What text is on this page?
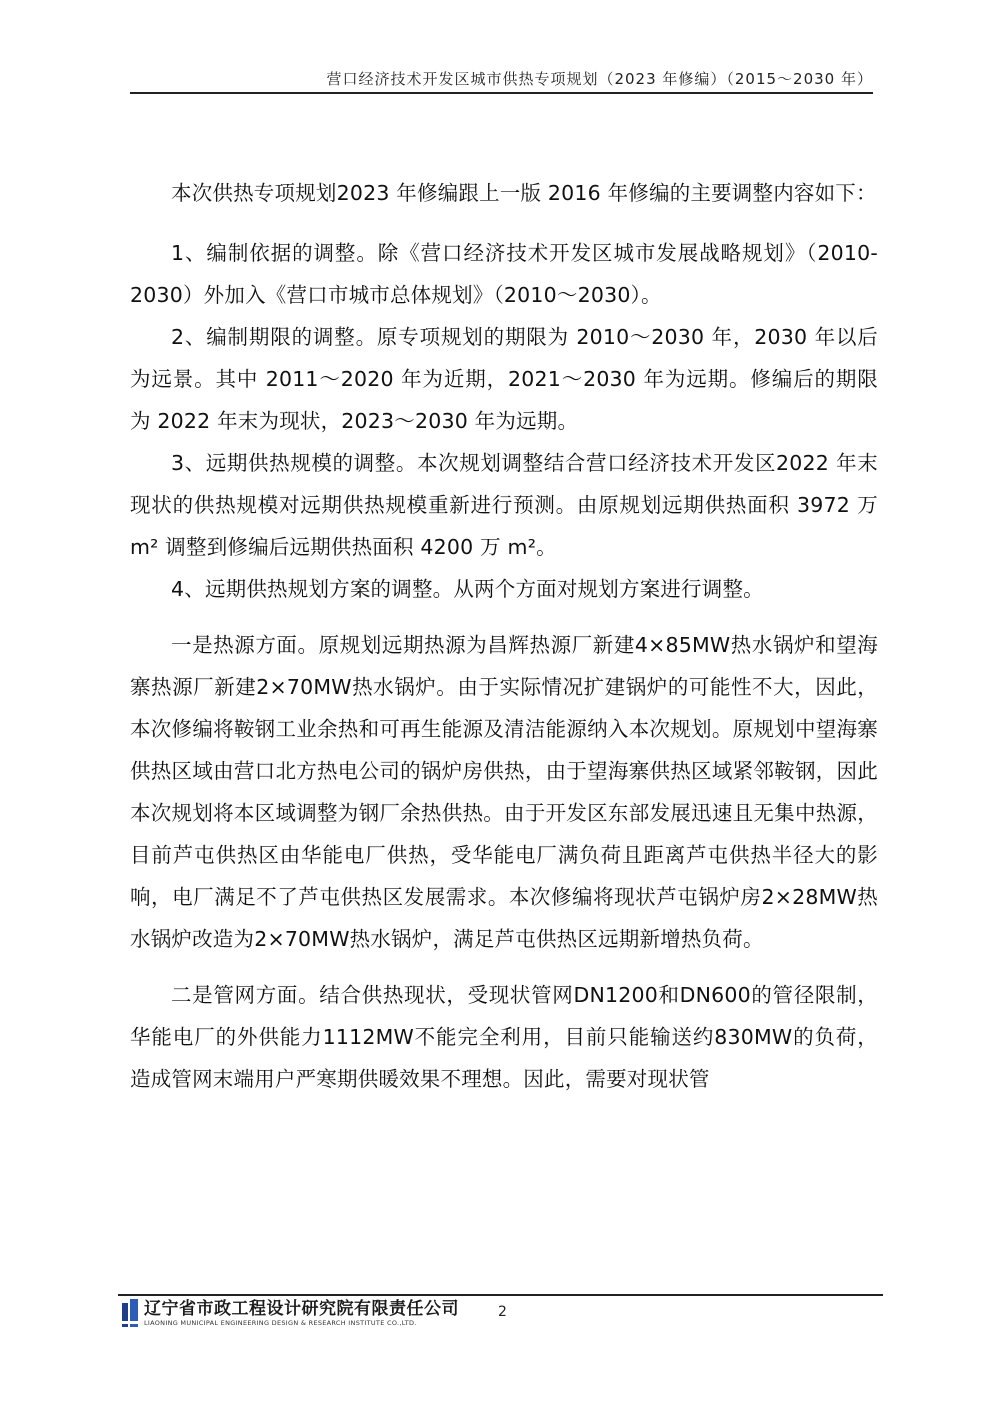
营口经济技术开发区城市供热专项规划（2023 年修编）（2015～2030 年）

本次供热专项规划2023 年修编跟上一版 2016 年修编的主要调整内容如下：

1、编制依据的调整。除《营口经济技术开发区城市发展战略规划》（2010-2030）外加入《营口市城市总体规划》（2010～2030）。

2、编制期限的调整。原专项规划的期限为 2010～2030 年，2030 年以后为远景。其中 2011～2020 年为近期，2021～2030 年为远期。修编后的期限为 2022 年末为现状，2023～2030 年为远期。

3、远期供热规模的调整。本次规划调整结合营口经济技术开发区2022 年末现状的供热规模对远期供热规模重新进行预测。由原规划远期供热面积 3972 万 m² 调整到修编后远期供热面积 4200 万 m²。

4、远期供热规划方案的调整。从两个方面对规划方案进行调整。

一是热源方面。原规划远期热源为昌辉热源厂新建4×85MW热水锅炉和望海寨热源厂新建2×70MW热水锅炉。由于实际情况扩建锅炉的可能性不大，因此，本次修编将鞍钢工业余热和可再生能源及清洁能源纳入本次规划。原规划中望海寨供热区域由营口北方热电公司的锅炉房供热，由于望海寨供热区域紧邻鞍钢，因此本次规划将本区域调整为钢厂余热供热。由于开发区东部发展迅速且无集中热源，目前芦屯供热区由华能电厂供热，受华能电厂满负荷且距离芦屯供热半径大的影响，电厂满足不了芦屯供热区发展需求。本次修编将现状芦屯锅炉房2×28MW热水锅炉改造为2×70MW热水锅炉，满足芦屯供热区远期新增热负荷。

二是管网方面。结合供热现状，受现状管网DN1200和DN600的管径限制，华能电厂的外供能力1112MW不能完全利用，目前只能输送约830MW的负荷，造成管网末端用户严寒期供暖效果不理想。因此，需要对现状管

辽宁省市政工程设计研究院有限责任公司
LIAONING MUNICIPAL ENGINEERING DESIGN & RESEARCH INSTITUTE CO.,LTD.
2
